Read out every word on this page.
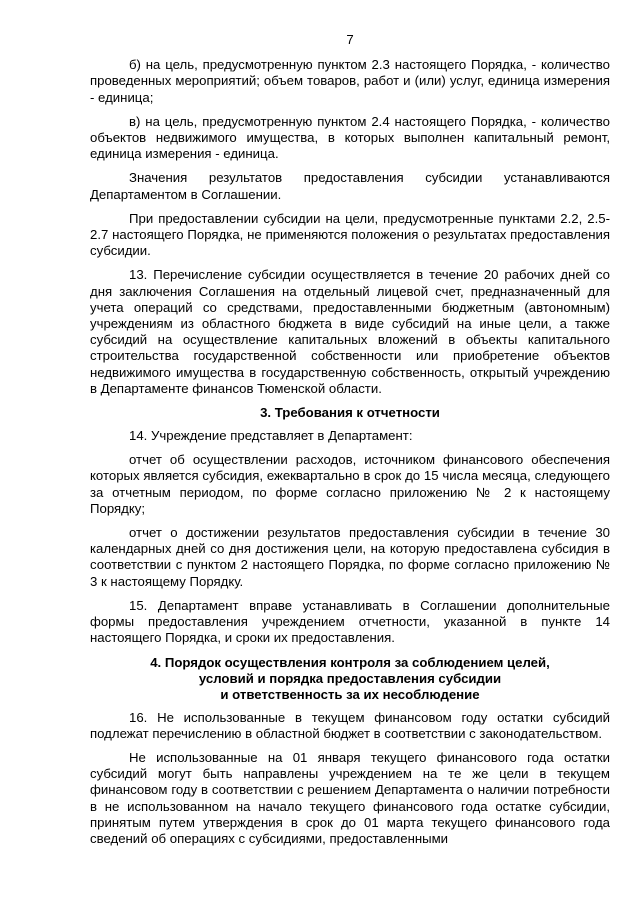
7

б) на цель, предусмотренную пунктом 2.3 настоящего Порядка, - количество проведенных мероприятий; объем товаров, работ и (или) услуг, единица измерения - единица;

в) на цель, предусмотренную пунктом 2.4 настоящего Порядка, - количество объектов недвижимого имущества, в которых выполнен капитальный ремонт, единица измерения - единица.

Значения результатов предоставления субсидии устанавливаются Департаментом в Соглашении.

При предоставлении субсидии на цели, предусмотренные пунктами 2.2, 2.5-2.7 настоящего Порядка, не применяются положения о результатах предоставления субсидии.

13. Перечисление субсидии осуществляется в течение 20 рабочих дней со дня заключения Соглашения на отдельный лицевой счет, предназначенный для учета операций со средствами, предоставленными бюджетным (автономным) учреждениям из областного бюджета в виде субсидий на иные цели, а также субсидий на осуществление капитальных вложений в объекты капитального строительства государственной собственности или приобретение объектов недвижимого имущества в государственную собственность, открытый учреждению в Департаменте финансов Тюменской области.

3. Требования к отчетности

14. Учреждение представляет в Департамент:

отчет об осуществлении расходов, источником финансового обеспечения которых является субсидия, ежеквартально в срок до 15 числа месяца, следующего за отчетным периодом, по форме согласно приложению № 2 к настоящему Порядку;

отчет о достижении результатов предоставления субсидии в течение 30 календарных дней со дня достижения цели, на которую предоставлена субсидия в соответствии с пунктом 2 настоящего Порядка, по форме согласно приложению № 3 к настоящему Порядку.

15. Департамент вправе устанавливать в Соглашении дополнительные формы предоставления учреждением отчетности, указанной в пункте 14 настоящего Порядка, и сроки их предоставления.

4. Порядок осуществления контроля за соблюдением целей,
условий и порядка предоставления субсидии
и ответственность за их несоблюдение

16. Не использованные в текущем финансовом году остатки субсидий подлежат перечислению в областной бюджет в соответствии с законодательством.

Не использованные на 01 января текущего финансового года остатки субсидий могут быть направлены учреждением на те же цели в текущем финансовом году в соответствии с решением Департамента о наличии потребности в не использованном на начало текущего финансового года остатке субсидии, принятым путем утверждения в срок до 01 марта текущего финансового года сведений об операциях с субсидиями, предоставленными
